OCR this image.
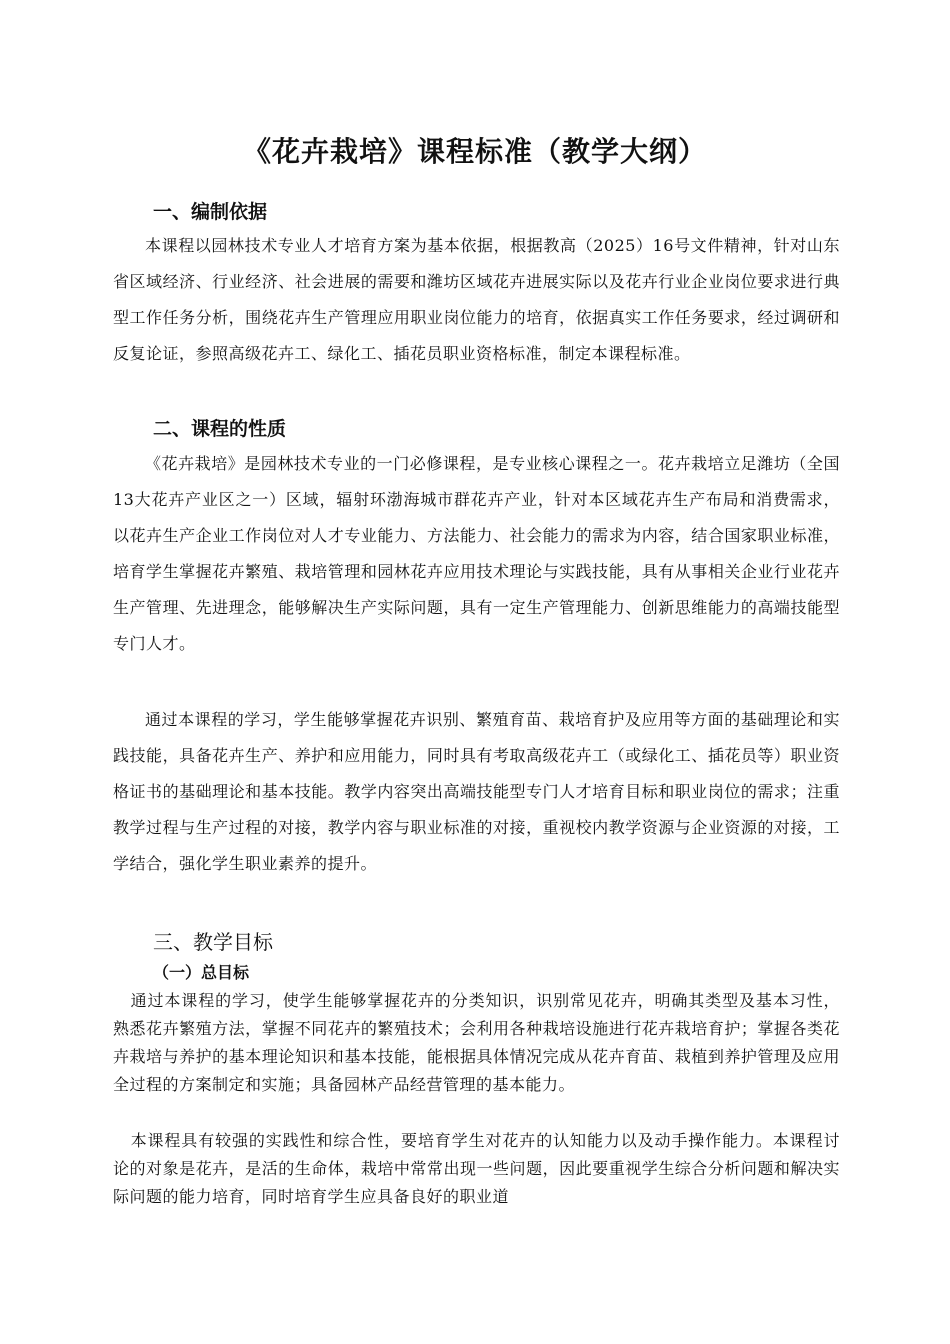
《花卉栽培》课程标准（教学大纲）
一、编制依据

本课程以园林技术专业人才培育方案为基本依据，根据教高（2025）16号文件精神，针对山东省区域经济、行业经济、社会进展的需要和潍坊区域花卉进展实际以及花卉行业企业岗位要求进行典型工作任务分析，围绕花卉生产管理应用职业岗位能力的培育，依据真实工作任务要求，经过调研和反复论证，参照高级花卉工、绿化工、插花员职业资格标准，制定本课程标准。

二、课程的性质

《花卉栽培》是园林技术专业的一门必修课程，是专业核心课程之一。花卉栽培立足潍坊（全国13大花卉产业区之一）区域，辐射环渤海城市群花卉产业，针对本区域花卉生产布局和消费需求，以花卉生产企业工作岗位对人才专业能力、方法能力、社会能力的需求为内容，结合国家职业标准，培育学生掌握花卉繁殖、栽培管理和园林花卉应用技术理论与实践技能，具有从事相关企业行业花卉生产管理、先进理念，能够解决生产实际问题，具有一定生产管理能力、创新思维能力的高端技能型专门人才。

通过本课程的学习，学生能够掌握花卉识别、繁殖育苗、栽培育护及应用等方面的基础理论和实践技能，具备花卉生产、养护和应用能力，同时具有考取高级花卉工（或绿化工、插花员等）职业资格证书的基础理论和基本技能。教学内容突出高端技能型专门人才培育目标和职业岗位的需求；注重教学过程与生产过程的对接，教学内容与职业标准的对接，重视校内教学资源与企业资源的对接，工学结合，强化学生职业素养的提升。

三、教学目标
（一）总目标

通过本课程的学习，使学生能够掌握花卉的分类知识，识别常见花卉，明确其类型及基本习性，熟悉花卉繁殖方法，掌握不同花卉的繁殖技术；会利用各种栽培设施进行花卉栽培育护；掌握各类花卉栽培与养护的基本理论知识和基本技能，能根据具体情况完成从花卉育苗、栽植到养护管理及应用全过程的方案制定和实施；具备园林产品经营管理的基本能力。

本课程具有较强的实践性和综合性，要培育学生对花卉的认知能力以及动手操作能力。本课程讨论的对象是花卉，是活的生命体，栽培中常常出现一些问题，因此要重视学生综合分析问题和解决实际问题的能力培育，同时培育学生应具备良好的职业道
